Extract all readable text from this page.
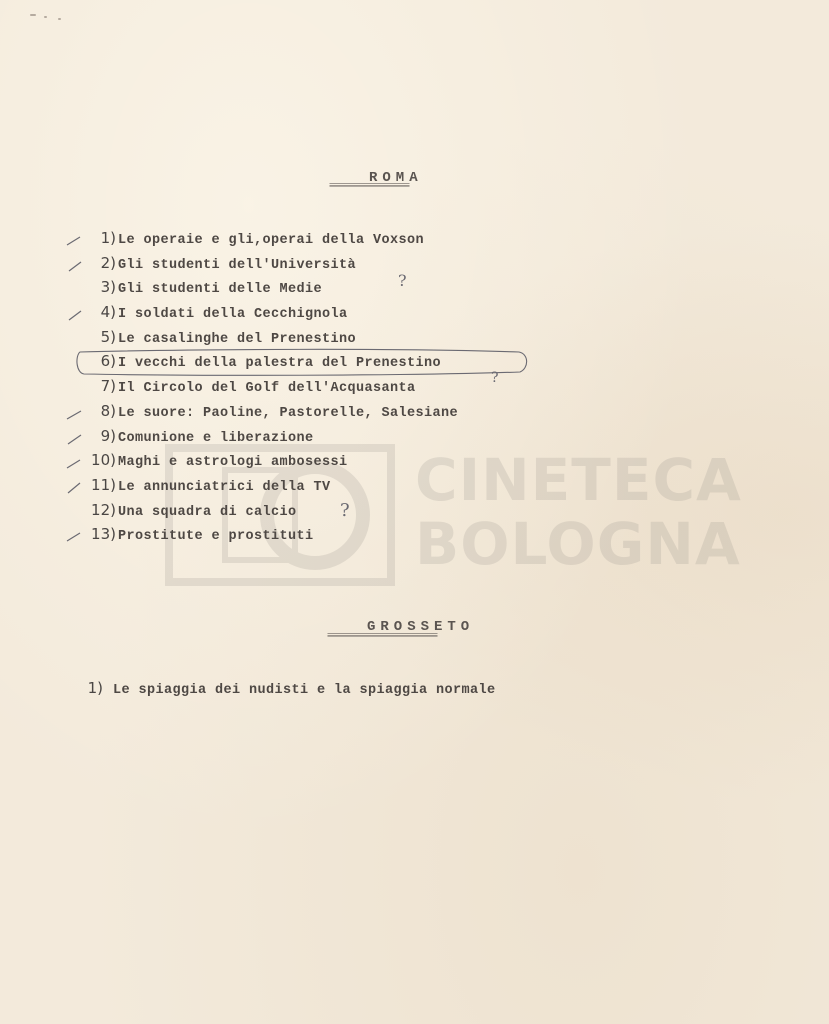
CINETECA
BOLOGNA
ROMA
================
1) Le operaie e gli,operai della Voxson
2) Gli studenti dell'Università
3) Gli studenti delle Medie
4) I soldati della Cecchignola
5) Le casalinghe del Prenestino
6) I vecchi della palestra del Prenestino
7) Il Circolo del Golf dell'Acquasanta
8) Le suore: Paoline, Pastorelle, Salesiane
9) Comunione e liberazione
10) Maghi e astrologi ambosessi
11) Le annunciatrici della TV
12) Una squadra di calcio
13) Prostitute e prostituti
?
?
?
GROSSETO
======================
1) Le spiaggia dei nudisti e la spiaggia normale
